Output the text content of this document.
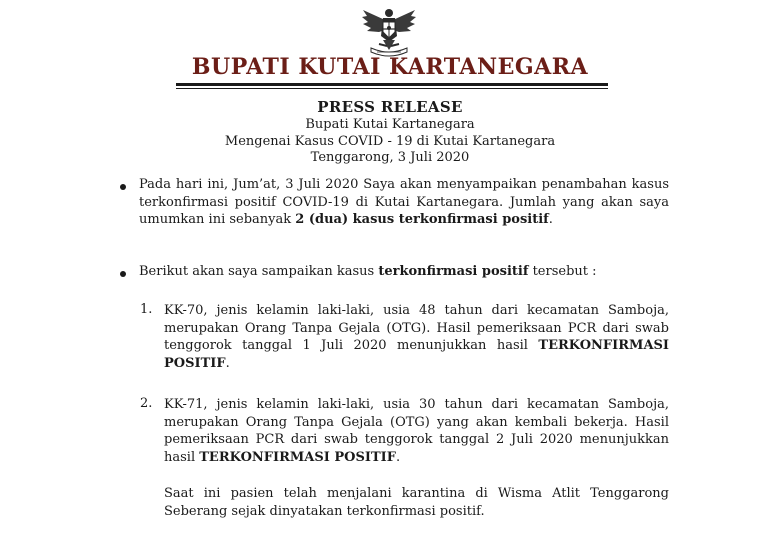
BUPATI KUTAI KARTANEGARA
PRESS RELEASE
Bupati Kutai Kartanegara
Mengenai Kasus COVID - 19 di Kutai Kartanegara
Tenggarong, 3 Juli 2020
Pada hari ini, Jum’at, 3 Juli 2020 Saya akan menyampaikan penambahan kasus terkonfirmasi positif COVID-19 di Kutai Kartanegara. Jumlah yang akan saya umumkan ini sebanyak 2 (dua) kasus terkonfirmasi positif.
Berikut akan saya sampaikan kasus terkonfirmasi positif tersebut :
1. KK-70, jenis kelamin laki-laki, usia 48 tahun dari kecamatan Samboja, merupakan Orang Tanpa Gejala (OTG). Hasil pemeriksaan PCR dari swab tenggorok tanggal 1 Juli 2020 menunjukkan hasil TERKONFIRMASI POSITIF.
2. KK-71, jenis kelamin laki-laki, usia 30 tahun dari kecamatan Samboja, merupakan Orang Tanpa Gejala (OTG) yang akan kembali bekerja. Hasil pemeriksaan PCR dari swab tenggorok tanggal 2 Juli 2020 menunjukkan hasil TERKONFIRMASI POSITIF.
Saat ini pasien telah menjalani karantina di Wisma Atlit Tenggarong Seberang sejak dinyatakan terkonfirmasi positif.
